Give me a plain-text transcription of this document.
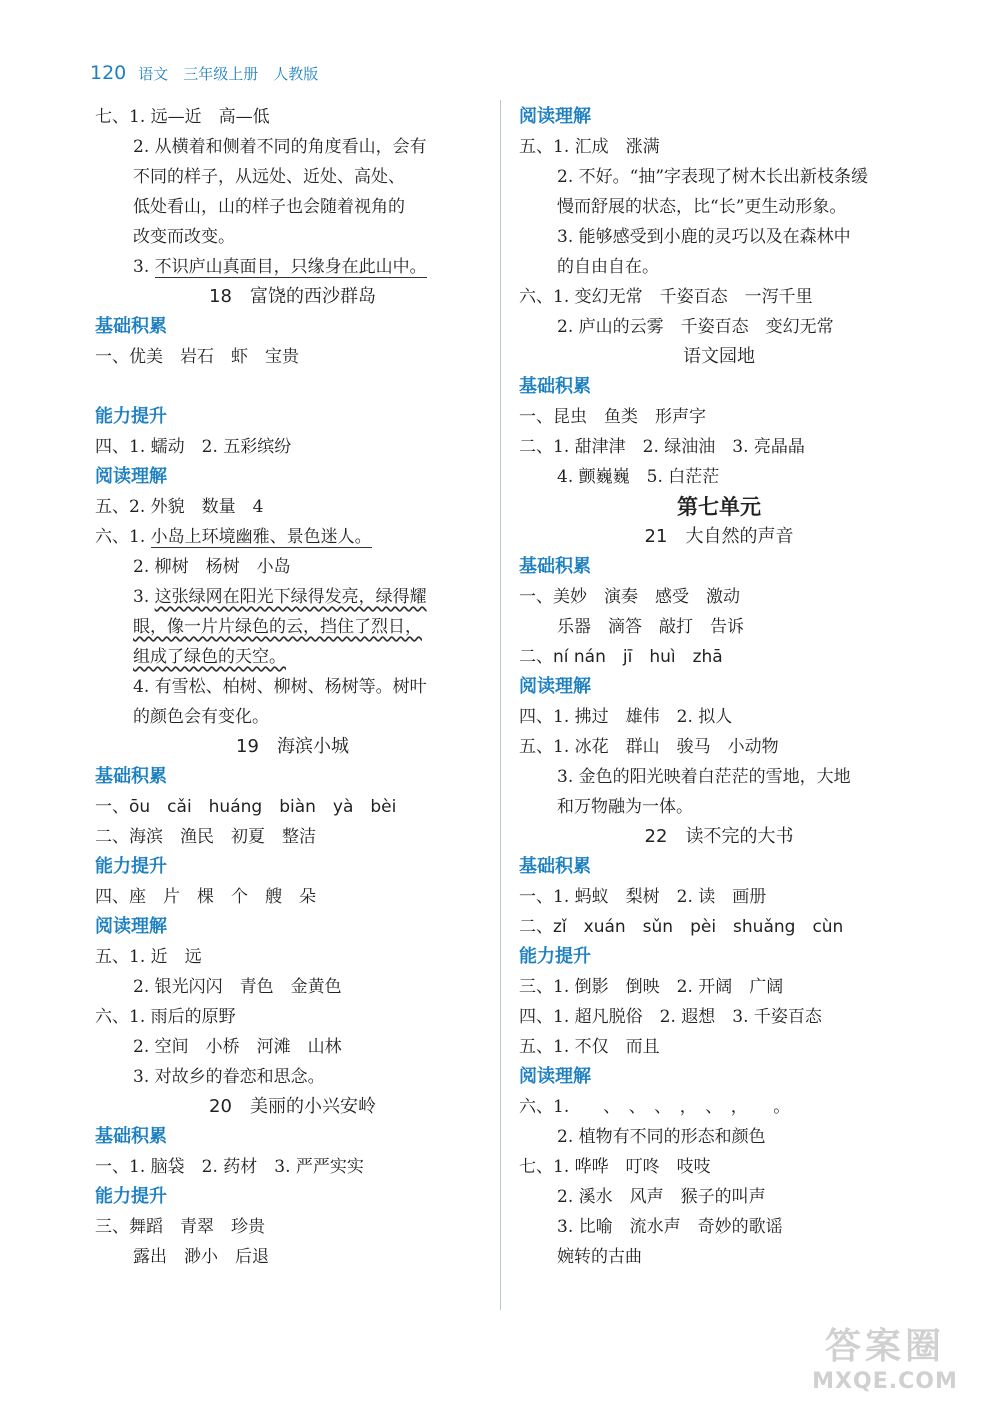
120 语文　三年级上册　人教版
七、1. 远—近　高—低
2. 从横着和侧着不同的角度看山，会有
不同的样子，从远处、近处、高处、
低处看山，山的样子也会随着视角的
改变而改变。
3. 不识庐山真面目，只缘身在此山中。
18　富饶的西沙群岛
基础积累
一、优美　岩石　虾　宝贵
能力提升
四、1. 蠕动　2. 五彩缤纷
阅读理解
五、2. 外貌　数量　4
六、1. 小岛上环境幽雅、景色迷人。
2. 柳树　杨树　小岛
3. 这张绿网在阳光下绿得发亮，绿得耀
眼，像一片片绿色的云，挡住了烈日，
组成了绿色的天空。
4. 有雪松、柏树、柳树、杨树等。树叶
的颜色会有变化。
19　海滨小城
基础积累
一、ōu　cǎi　huáng　biàn　yà　bèi
二、海滨　渔民　初夏　整洁
能力提升
四、座　片　棵　个　艘　朵
阅读理解
五、1. 近　远
2. 银光闪闪　青色　金黄色
六、1. 雨后的原野
2. 空间　小桥　河滩　山林
3. 对故乡的眷恋和思念。
20　美丽的小兴安岭
基础积累
一、1. 脑袋　2. 药材　3. 严严实实
能力提升
三、舞蹈　青翠　珍贵
露出　渺小　后退
阅读理解
五、1. 汇成　涨满
2. 不好。“抽”字表现了树木长出新枝条缓
慢而舒展的状态，比“长”更生动形象。
3. 能够感受到小鹿的灵巧以及在森林中
的自由自在。
六、1. 变幻无常　千姿百态　一泻千里
2. 庐山的云雾　千姿百态　变幻无常
语文园地
基础积累
一、昆虫　鱼类　形声字
二、1. 甜津津　2. 绿油油　3. 亮晶晶
4. 颤巍巍　5. 白茫茫
第七单元
21　大自然的声音
基础积累
一、美妙　演奏　感受　激动
乐器　滴答　敲打　告诉
二、ní nán　jī　huì　zhā
阅读理解
四、1. 拂过　雄伟　2. 拟人
五、1. 冰花　群山　骏马　小动物
3. 金色的阳光映着白茫茫的雪地，大地
和万物融为一体。
22　读不完的大书
基础积累
一、1. 蚂蚁　梨树　2. 读　画册
二、zǐ　xuán　sǔn　pèi　shuǎng　cùn
能力提升
三、1. 倒影　倒映　2. 开阔　广阔
四、1. 超凡脱俗　2. 遐想　3. 千姿百态
五、1. 不仅　而且
阅读理解
六、1.　　、　、　、　，　、　，　　。
2. 植物有不同的形态和颜色
七、1. 哗哗　叮咚　吱吱
2. 溪水　风声　猴子的叫声
3. 比喻　流水声　奇妙的歌谣
婉转的古曲
答案圈
MXQE.COM
